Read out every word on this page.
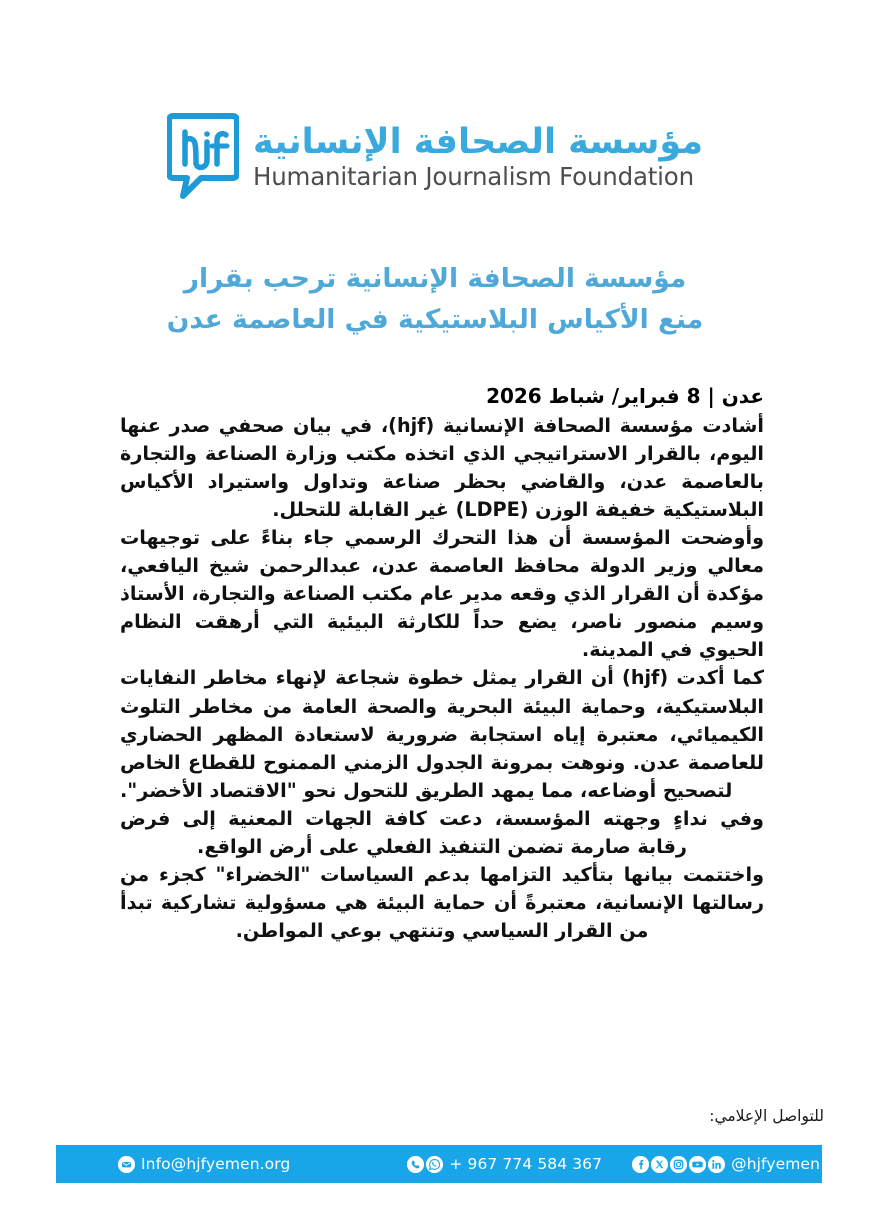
مؤسسة الصحافة الإنسانية
Humanitarian Journalism Foundation
مؤسسة الصحافة الإنسانية ترحب بقرار
منع الأكياس البلاستيكية في العاصمة عدن
عدن | 8 فبراير/ شباط 2026

أشادت مؤسسة الصحافة الإنسانية (hjf)، في بيان صحفي صدر عنها اليوم، بالقرار الاستراتيجي الذي اتخذه مكتب وزارة الصناعة والتجارة بالعاصمة عدن، والقاضي بحظر صناعة وتداول واستيراد الأكياس البلاستيكية خفيفة الوزن (LDPE) غير القابلة للتحلل.

وأوضحت المؤسسة أن هذا التحرك الرسمي جاء بناءً على توجيهات معالي وزير الدولة محافظ العاصمة عدن، عبدالرحمن شيخ اليافعي، مؤكدة أن القرار الذي وقعه مدير عام مكتب الصناعة والتجارة، الأستاذ وسيم منصور ناصر، يضع حداً للكارثة البيئية التي أرهقت النظام الحيوي في المدينة.

كما أكدت (hjf) أن القرار يمثل خطوة شجاعة لإنهاء مخاطر النفايات البلاستيكية، وحماية البيئة البحرية والصحة العامة من مخاطر التلوث الكيميائي، معتبرة إياه استجابة ضرورية لاستعادة المظهر الحضاري للعاصمة عدن. ونوهت بمرونة الجدول الزمني الممنوح للقطاع الخاص لتصحيح أوضاعه، مما يمهد الطريق للتحول نحو "الاقتصاد الأخضر".

وفي نداءٍ وجهته المؤسسة، دعت كافة الجهات المعنية إلى فرض رقابة صارمة تضمن التنفيذ الفعلي على أرض الواقع.

واختتمت بيانها بتأكيد التزامها بدعم السياسات "الخضراء" كجزء من رسالتها الإنسانية، معتبرةً أن حماية البيئة هي مسؤولية تشاركية تبدأ من القرار السياسي وتنتهي بوعي المواطن.

للتواصل الإعلامي:
Info@hjfyemen.org	+ 967 774 584 367	@hjfyemen
